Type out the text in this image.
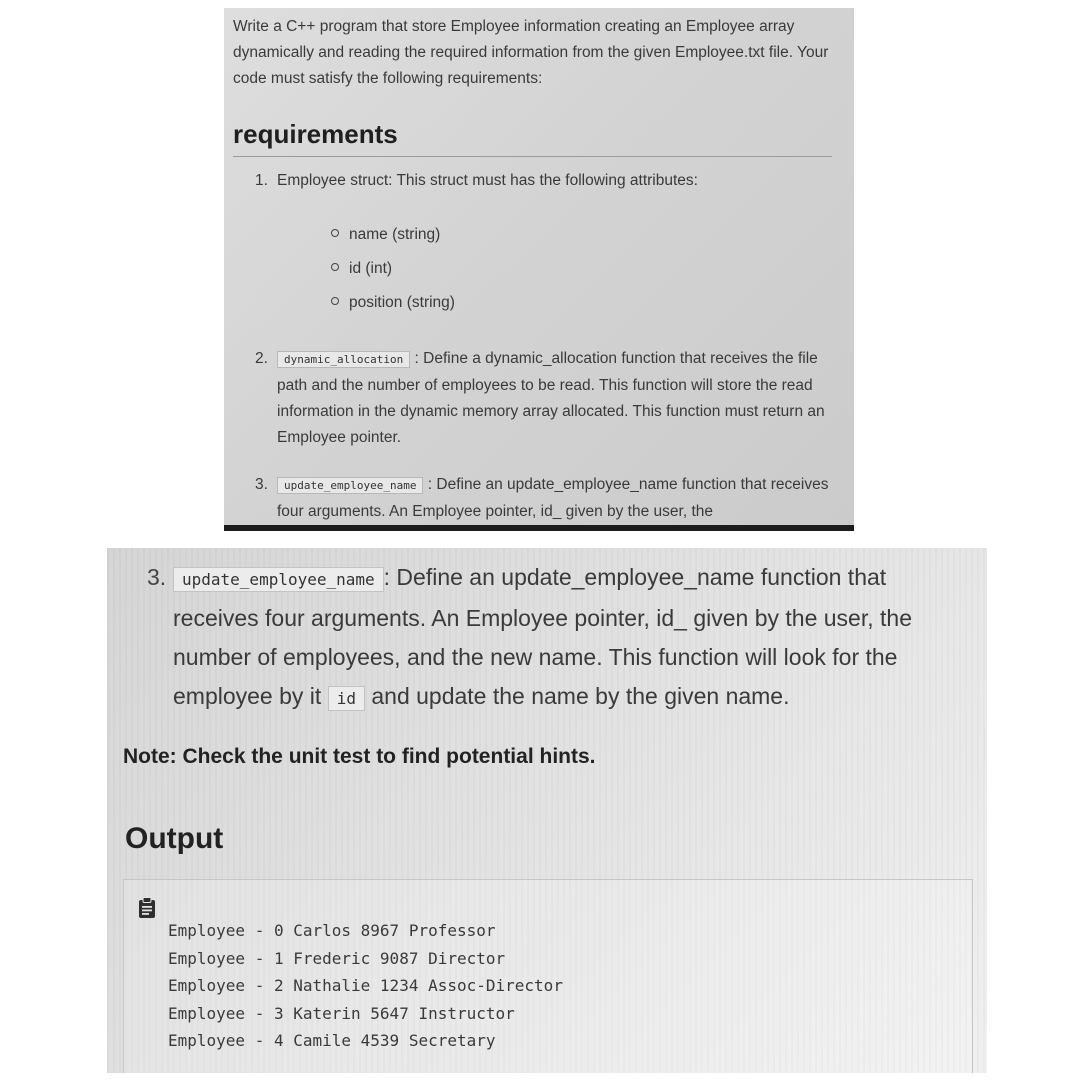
Write a C++ program that store Employee information creating an Employee array dynamically and reading the required information from the given Employee.txt file. Your code must satisfy the following requirements:

requirements
1. Employee struct: This struct must has the following attributes:
name (string)
id (int)
position (string)
2. dynamic_allocation : Define a dynamic_allocation function that receives the file path and the number of employees to be read. This function will store the read information in the dynamic memory array allocated. This function must return an Employee pointer.
3. update_employee_name : Define an update_employee_name function that receives four arguments. An Employee pointer, id_ given by the user, the
3. update_employee_name : Define an update_employee_name function that receives four arguments. An Employee pointer, id_ given by the user, the number of employees, and the new name. This function will look for the employee by it id and update the name by the given name.
Note: Check the unit test to find potential hints.
Output
Employee - 0 Carlos 8967 Professor
Employee - 1 Frederic 9087 Director
Employee - 2 Nathalie 1234 Assoc-Director
Employee - 3 Katerin 5647 Instructor
Employee - 4 Camile 4539 Secretary
